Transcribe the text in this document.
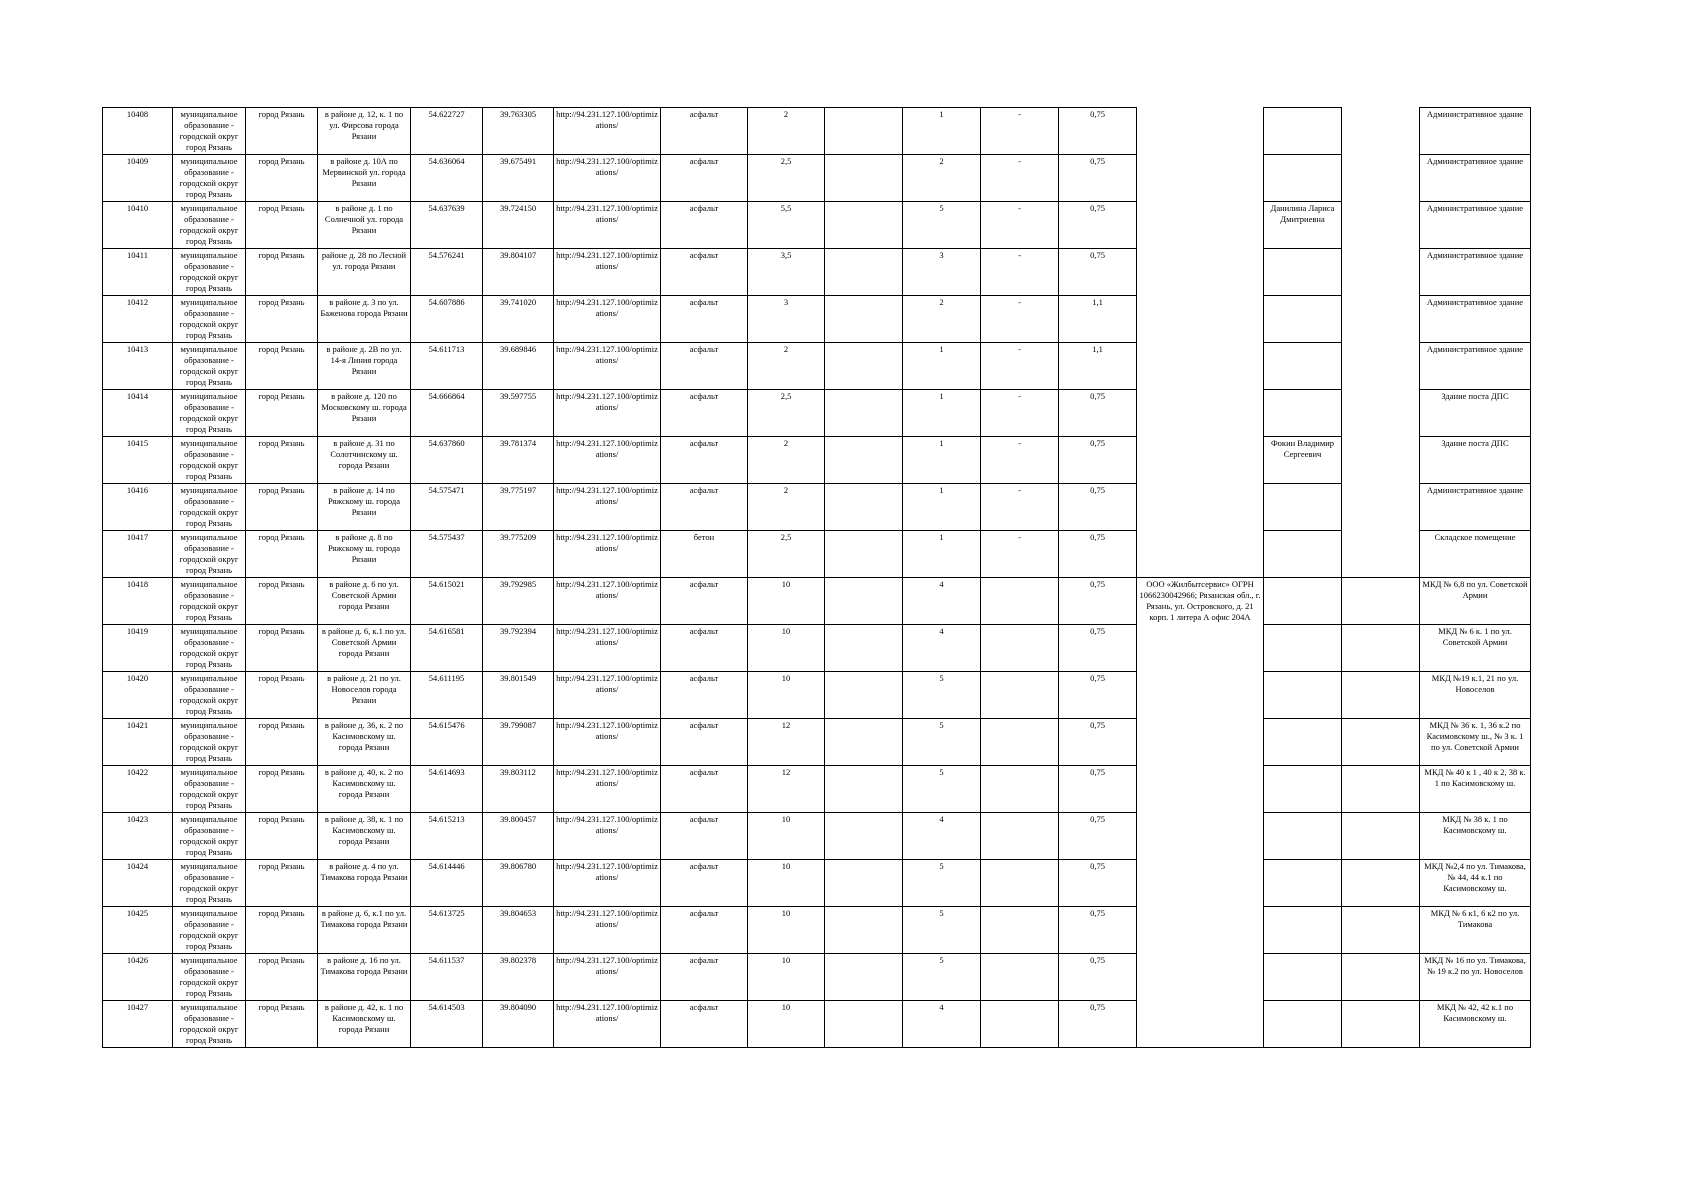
10408	муниципальное образование - городской округ город Рязань	город Рязань	в районе д. 12, к. 1 по ул. Фирсова города Рязани	54.622727	39.763305	http://94.231.127.100/optimizations/	асфальт	2		1	-	0,75				Административное здание
10409	муниципальное образование - городской округ город Рязань	город Рязань	в районе д. 10А по Мервинской ул. города Рязани	54.636064	39.675491	http://94.231.127.100/optimizations/	асфальт	2,5		2	-	0,75				Административное здание
10410	муниципальное образование - городской округ город Рязань	город Рязань	в районе д. 1 по Солнечной ул. города Рязани	54.637639	39.724150	http://94.231.127.100/optimizations/	асфальт	5,5		5	-	0,75		Данилина Лариса Дмитриевна		Административное здание
10411	муниципальное образование - городской округ город Рязань	город Рязань	районе д. 28 по Лесной ул. города Рязани	54.576241	39.804107	http://94.231.127.100/optimizations/	асфальт	3,5		3	-	0,75				Административное здание
10412	муниципальное образование - городской округ город Рязань	город Рязань	в районе д. 3 по ул. Баженова города Рязани	54.607886	39.741020	http://94.231.127.100/optimizations/	асфальт	3		2	-	1,1				Административное здание
10413	муниципальное образование - городской округ город Рязань	город Рязань	в районе д. 2В по ул. 14-я Линия города Рязани	54.611713	39.689846	http://94.231.127.100/optimizations/	асфальт	2		1	-	1,1				Административное здание
10414	муниципальное образование - городской округ город Рязань	город Рязань	в районе д. 120 по Московскому ш. города Рязани	54.666864	39.597755	http://94.231.127.100/optimizations/	асфальт	2,5		1	-	0,75				Здание поста ДПС
10415	муниципальное образование - городской округ город Рязань	город Рязань	в районе д. 31 по Солотчинскому ш. города Рязани	54.637860	39.781374	http://94.231.127.100/optimizations/	асфальт	2		1	-	0,75		Фокин Владимир Сергеевич		Здание поста ДПС
10416	муниципальное образование - городской округ город Рязань	город Рязань	в районе д. 14 по Ряжскому ш. города Рязани	54.575471	39.775197	http://94.231.127.100/optimizations/	асфальт	2		1	-	0,75				Административное здание
10417	муниципальное образование - городской округ город Рязань	город Рязань	в районе д. 8 по Ряжскому ш. города Рязани	54.575437	39.775209	http://94.231.127.100/optimizations/	бетон	2,5		1	-	0,75				Складское помещение
10418	муниципальное образование - городской округ город Рязань	город Рязань	в районе д. 6 по ул. Советской Армии города Рязани	54.615021	39.792985	http://94.231.127.100/optimizations/	асфальт	10		4		0,75	ООО «Жилбытсервис» ОГРН 1066230042966; Рязанская обл., г. Рязань, ул. Островского, д. 21 корп. 1 литера А офис 204А			МКД № 6,8 по ул. Советской Армии
10419	муниципальное образование - городской округ город Рязань	город Рязань	в районе д. 6, к.1 по ул. Советской Армии города Рязани	54.616581	39.792394	http://94.231.127.100/optimizations/	асфальт	10		4		0,75				МКД № 6 к. 1 по ул. Советской Армии
10420	муниципальное образование - городской округ город Рязань	город Рязань	в районе д. 21 по ул. Новоселов города Рязани	54.611195	39.801549	http://94.231.127.100/optimizations/	асфальт	10		5		0,75				МКД №19 к.1, 21 по ул. Новоселов
10421	муниципальное образование - городской округ город Рязань	город Рязань	в районе д. 36, к. 2 по Касимовскому ш. города Рязани	54.615476	39.799087	http://94.231.127.100/optimizations/	асфальт	12		5		0,75				МКД № 36 к. 1, 36 к.2 по Касимовскому ш., № 3 к. 1 по ул. Советской Армии
10422	муниципальное образование - городской округ город Рязань	город Рязань	в районе д. 40, к. 2 по Касимовскому ш. города Рязани	54.614693	39.803112	http://94.231.127.100/optimizations/	асфальт	12		5		0,75				МКД № 40 к 1 , 40 к 2, 38 к. 1 по Касимовскому ш.
10423	муниципальное образование - городской округ город Рязань	город Рязань	в районе д. 38, к. 1 по Касимовскому ш. города Рязани	54.615213	39.800457	http://94.231.127.100/optimizations/	асфальт	10		4		0,75				МКД № 38 к. 1 по Касимовскому ш.
10424	муниципальное образование - городской округ город Рязань	город Рязань	в районе д. 4 по ул. Тимакова города Рязани	54.614446	39.806780	http://94.231.127.100/optimizations/	асфальт	10		5		0,75				МКД №2,4 по ул. Тимакова, № 44, 44 к.1 по Касимовскому ш.
10425	муниципальное образование - городской округ город Рязань	город Рязань	в районе д. 6, к.1 по ул. Тимакова города Рязани	54.613725	39.804653	http://94.231.127.100/optimizations/	асфальт	10		5		0,75				МКД № 6 к1, 6 к2 по ул. Тимакова
10426	муниципальное образование - городской округ город Рязань	город Рязань	в районе д. 16 по ул. Тимакова города Рязани	54.611537	39.802378	http://94.231.127.100/optimizations/	асфальт	10		5		0,75				МКД № 16 по ул. Тимакова, № 19 к.2 по ул. Новоселов
10427	муниципальное образование - городской округ город Рязань	город Рязань	в районе д. 42, к. 1 по Касимовскому ш. города Рязани	54.614503	39.804090	http://94.231.127.100/optimizations/	асфальт	10		4		0,75				МКД № 42, 42 к.1 по Касимовскому ш.
